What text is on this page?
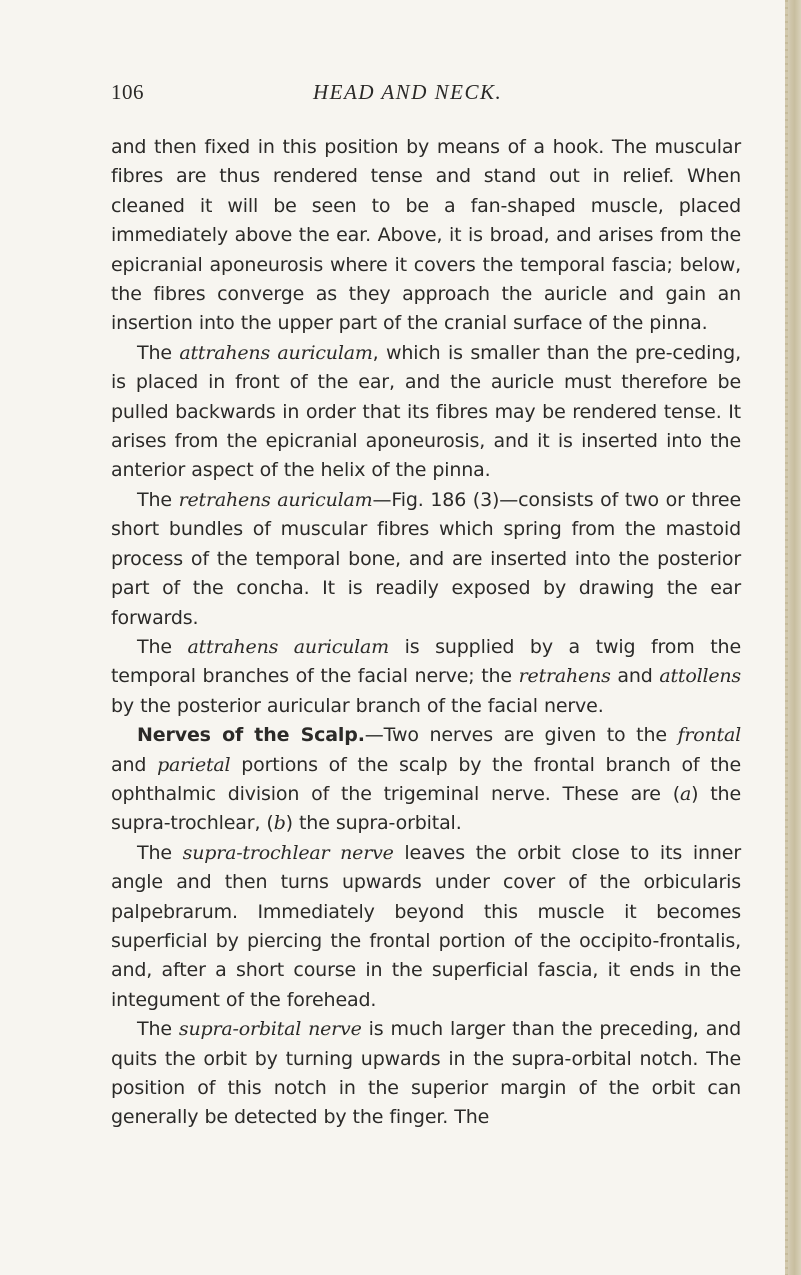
106	HEAD AND NECK.

and then fixed in this position by means of a hook. The muscular fibres are thus rendered tense and stand out in relief. When cleaned it will be seen to be a fan-shaped muscle, placed immediately above the ear. Above, it is broad, and arises from the epicranial aponeurosis where it covers the temporal fascia; below, the fibres converge as they approach the auricle and gain an insertion into the upper part of the cranial surface of the pinna.

The attrahens auriculam, which is smaller than the pre-ceding, is placed in front of the ear, and the auricle must therefore be pulled backwards in order that its fibres may be rendered tense. It arises from the epicranial aponeurosis, and it is inserted into the anterior aspect of the helix of the pinna.

The retrahens auriculam—Fig. 186 (3)—consists of two or three short bundles of muscular fibres which spring from the mastoid process of the temporal bone, and are inserted into the posterior part of the concha. It is readily exposed by drawing the ear forwards.

The attrahens auriculam is supplied by a twig from the temporal branches of the facial nerve; the retrahens and attollens by the posterior auricular branch of the facial nerve.

Nerves of the Scalp.—Two nerves are given to the frontal and parietal portions of the scalp by the frontal branch of the ophthalmic division of the trigeminal nerve. These are (a) the supra-trochlear, (b) the supra-orbital.

The supra-trochlear nerve leaves the orbit close to its inner angle and then turns upwards under cover of the orbicularis palpebrarum. Immediately beyond this muscle it becomes superficial by piercing the frontal portion of the occipito-frontalis, and, after a short course in the superficial fascia, it ends in the integument of the forehead.

The supra-orbital nerve is much larger than the preceding, and quits the orbit by turning upwards in the supra-orbital notch. The position of this notch in the superior margin of the orbit can generally be detected by the finger. The
